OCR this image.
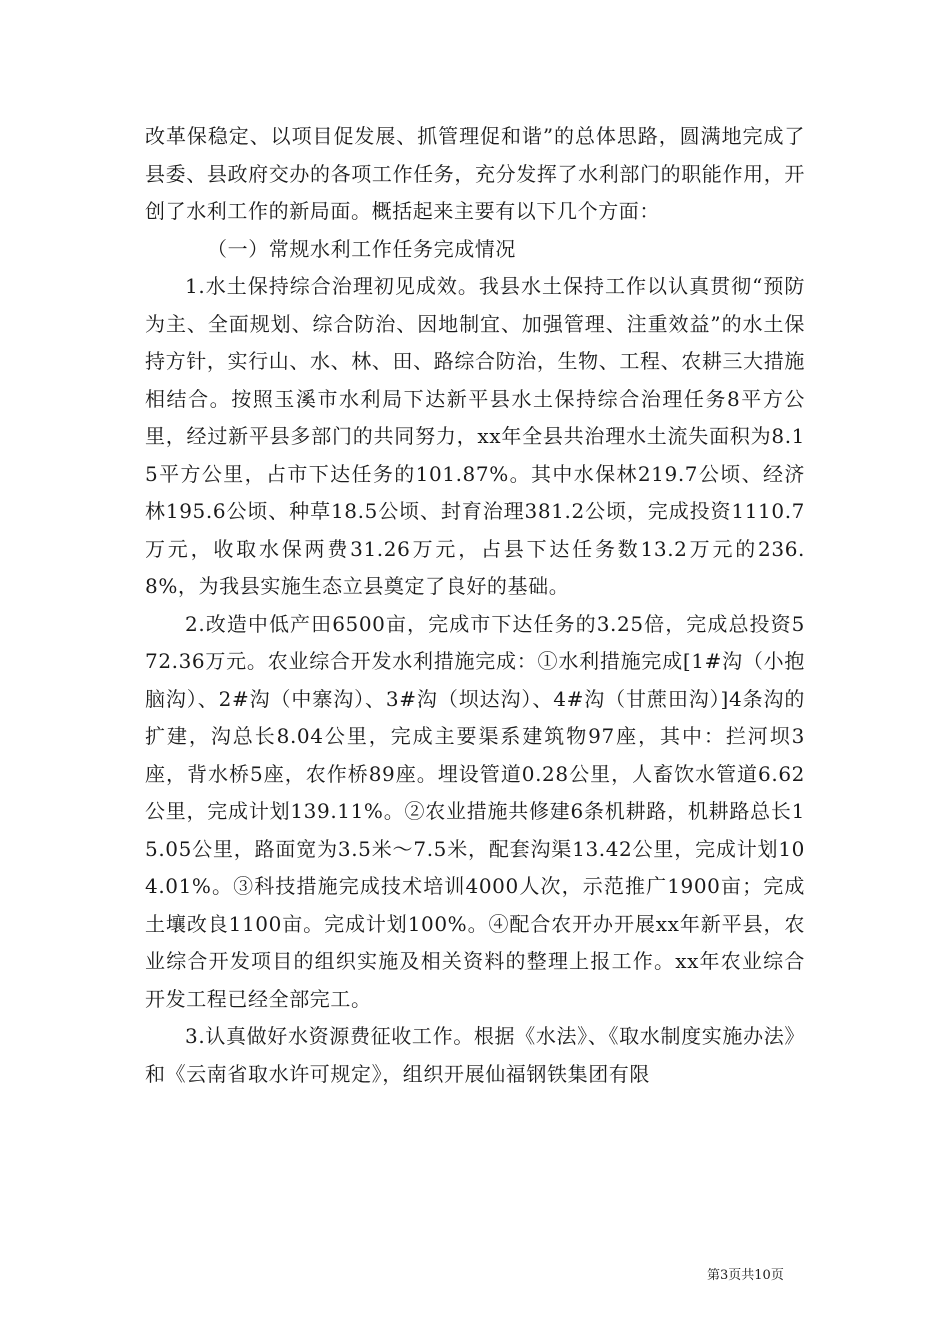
改革保稳定、以项目促发展、抓管理促和谐”的总体思路，圆满地完成了县委、县政府交办的各项工作任务，充分发挥了水利部门的职能作用，开创了水利工作的新局面。概括起来主要有以下几个方面：

（一）常规水利工作任务完成情况

1.水土保持综合治理初见成效。我县水土保持工作以认真贯彻“预防为主、全面规划、综合防治、因地制宜、加强管理、注重效益”的水土保持方针，实行山、水、林、田、路综合防治，生物、工程、农耕三大措施相结合。按照玉溪市水利局下达新平县水土保持综合治理任务8平方公里，经过新平县多部门的共同努力，xx年全县共治理水土流失面积为8.15平方公里，占市下达任务的101.87%。其中水保林219.7公顷、经济林195.6公顷、种草18.5公顷、封育治理381.2公顷，完成投资1110.7万元，收取水保两费31.26万元，占县下达任务数13.2万元的236.8%，为我县实施生态立县奠定了良好的基础。

2.改造中低产田6500亩，完成市下达任务的3.25倍，完成总投资572.36万元。农业综合开发水利措施完成：①水利措施完成[1#沟（小抱脑沟）、2#沟（中寨沟）、3#沟（坝达沟）、4#沟（甘蔗田沟）]4条沟的扩建，沟总长8.04公里，完成主要渠系建筑物97座，其中：拦河坝3座，背水桥5座，农作桥89座。埋设管道0.28公里，人畜饮水管道6.62公里，完成计划139.11%。②农业措施共修建6条机耕路，机耕路总长15.05公里，路面宽为3.5米～7.5米，配套沟渠13.42公里，完成计划104.01%。③科技措施完成技术培训4000人次，示范推广1900亩；完成土壤改良1100亩。完成计划100%。④配合农开办开展xx年新平县，农业综合开发项目的组织实施及相关资料的整理上报工作。xx年农业综合开发工程已经全部完工。

3.认真做好水资源费征收工作。根据《水法》、《取水制度实施办法》和《云南省取水许可规定》，组织开展仙福钢铁集团有限

第3页共10页
